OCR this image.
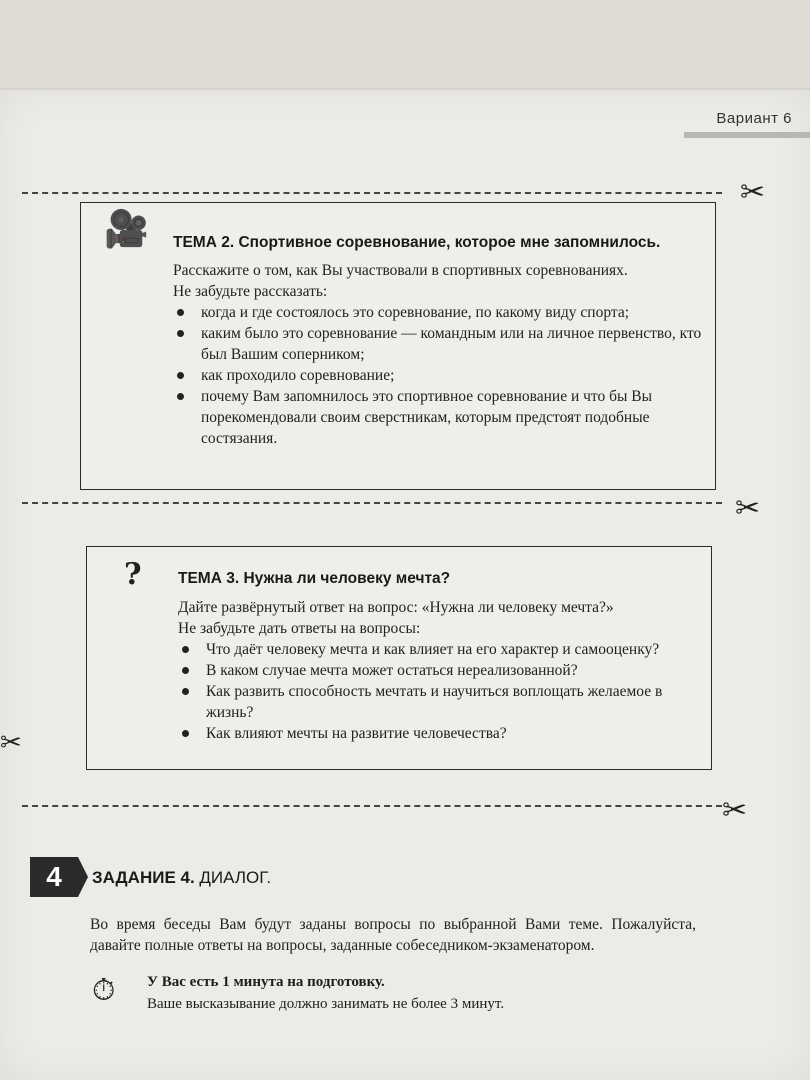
Вариант 6
✂
🎥 ТЕМА 2. Спортивное соревнование, которое мне запомнилось.

Расскажите о том, как Вы участвовали в спортивных соревнованиях.

Не забудьте рассказать:

когда и где состоялось это соревнование, по какому виду спорта;
каким было это соревнование — командным или на личное первенство, кто был Вашим соперником;
как проходило соревнование;
почему Вам запомнилось это спортивное соревнование и что бы Вы порекомендовали своим сверстникам, которым предстоят подобные состязания.
✂
? ТЕМА 3. Нужна ли человеку мечта?

Дайте развёрнутый ответ на вопрос: «Нужна ли человеку мечта?»

Не забудьте дать ответы на вопросы:

Что даёт человеку мечта и как влияет на его характер и самооценку?
В каком случае мечта может остаться нереализованной?
Как развить способность мечтать и научиться воплощать желаемое в жизнь?
Как влияют мечты на развитие человечества?
✂
✂
4	ЗАДАНИЕ 4. ДИАЛОГ.
Во время беседы Вам будут заданы вопросы по выбранной Вами теме. Пожалуйста, давайте полные ответы на вопросы, заданные собеседником-экзаменатором.
⏱ У Вас есть 1 минута на подготовку.
Ваше высказывание должно занимать не более 3 минут.
